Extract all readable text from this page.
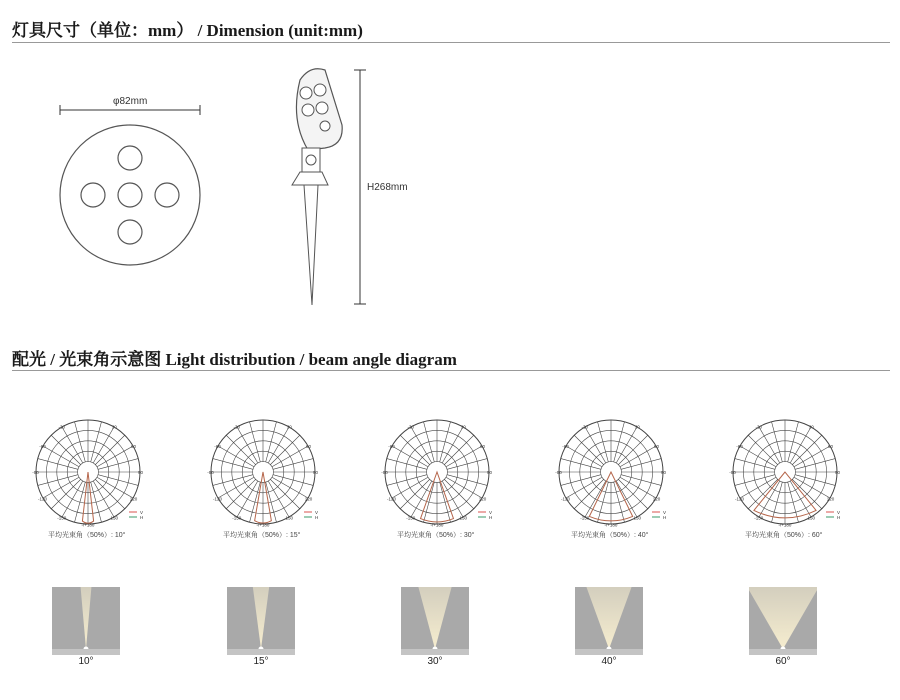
灯具尺寸（单位：mm） / Dimension (unit:mm)
φ82mm
H268mm
配光 / 光束角示意图 Light distribution / beam angle diagram
-150
-/+180
150
-120	120
-90	90
-60	60
-30	30
V
H
平均光束角（50%）: 10°
-150
-/+180
150
-120	120
-90	90
-60	60
-30	30
V
H
平均光束角（50%）: 15°
-150
-/+180
150
-120	120
-90	90
-60	60
-30	30
V
H
平均光束角（50%）: 30°
-150
-/+180
150
-120	120
-90	90
-60	60
-30	30
V
H
平均光束角（50%）: 40°
-150
-/+180
150
-120	120
-90	90
-60	60
-30	30
V
H
平均光束角（50%）: 60°
10°	15°	30°	40°	60°
